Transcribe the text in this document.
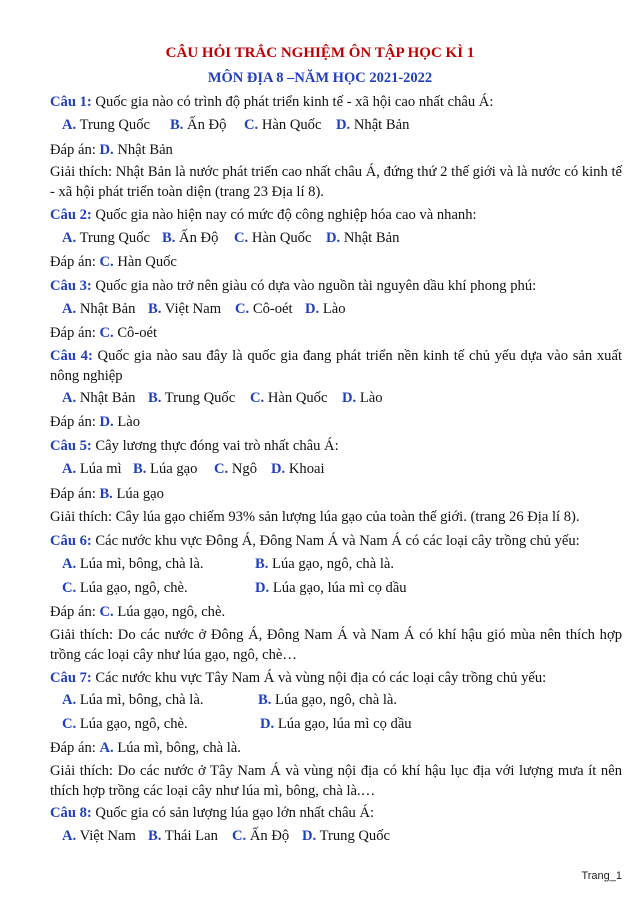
CÂU HỎI TRẮC NGHIỆM ÔN TẬP HỌC KÌ 1
MÔN ĐỊA 8 –NĂM HỌC 2021-2022
Câu 1: Quốc gia nào có trình độ phát triển kinh tế - xã hội cao nhất châu Á:
A. Trung Quốc B. Ấn Độ C. Hàn Quốc D. Nhật Bản
Đáp án: D. Nhật Bản
Giải thích: Nhật Bản là nước phát triển cao nhất châu Á, đứng thứ 2 thế giới và là nước có kinh tế - xã hội phát triển toàn diện (trang 23 Địa lí 8).
Câu 2: Quốc gia nào hiện nay có mức độ công nghiệp hóa cao và nhanh:
A. Trung Quốc B. Ấn Độ C. Hàn Quốc D. Nhật Bản
Đáp án: C. Hàn Quốc
Câu 3: Quốc gia nào trở nên giàu có dựa vào nguồn tài nguyên dầu khí phong phú:
A. Nhật Bản B. Việt Nam C. Cô-oét D. Lào
Đáp án: C. Cô-oét
Câu 4: Quốc gia nào sau đây là quốc gia đang phát triển nền kinh tế chủ yếu dựa vào sản xuất nông nghiệp
A. Nhật Bản B. Trung Quốc C. Hàn Quốc D. Lào
Đáp án: D. Lào
Câu 5: Cây lương thực đóng vai trò nhất châu Á:
A. Lúa mì B. Lúa gạo C. Ngô D. Khoai
Đáp án: B. Lúa gạo
Giải thích: Cây lúa gạo chiếm 93% sản lượng lúa gạo của toàn thế giới. (trang 26 Địa lí 8).
Câu 6: Các nước khu vực Đông Á, Đông Nam Á và Nam Á có các loại cây trồng chủ yếu:
A. Lúa mì, bông, chà là.	B. Lúa gạo, ngô, chà là.
C. Lúa gạo, ngô, chè.	D. Lúa gạo, lúa mì cọ dầu
Đáp án: C. Lúa gạo, ngô, chè.
Giải thích: Do các nước ở Đông Á, Đông Nam Á và Nam Á có khí hậu gió mùa nên thích hợp trồng các loại cây như lúa gạo, ngô, chè…
Câu 7: Các nước khu vực Tây Nam Á và vùng nội địa có các loại cây trồng chủ yếu:
A. Lúa mì, bông, chà là.	B. Lúa gạo, ngô, chà là.
C. Lúa gạo, ngô, chè.	D. Lúa gạo, lúa mì cọ dầu
Đáp án: A. Lúa mì, bông, chà là.
Giải thích: Do các nước ở Tây Nam Á và vùng nội địa có khí hậu lục địa với lượng mưa ít nên thích hợp trồng các loại cây như lúa mì, bông, chà là.…
Câu 8: Quốc gia có sản lượng lúa gạo lớn nhất châu Á:
A. Việt Nam B. Thái Lan C. Ấn Độ D. Trung Quốc
Trang_1
